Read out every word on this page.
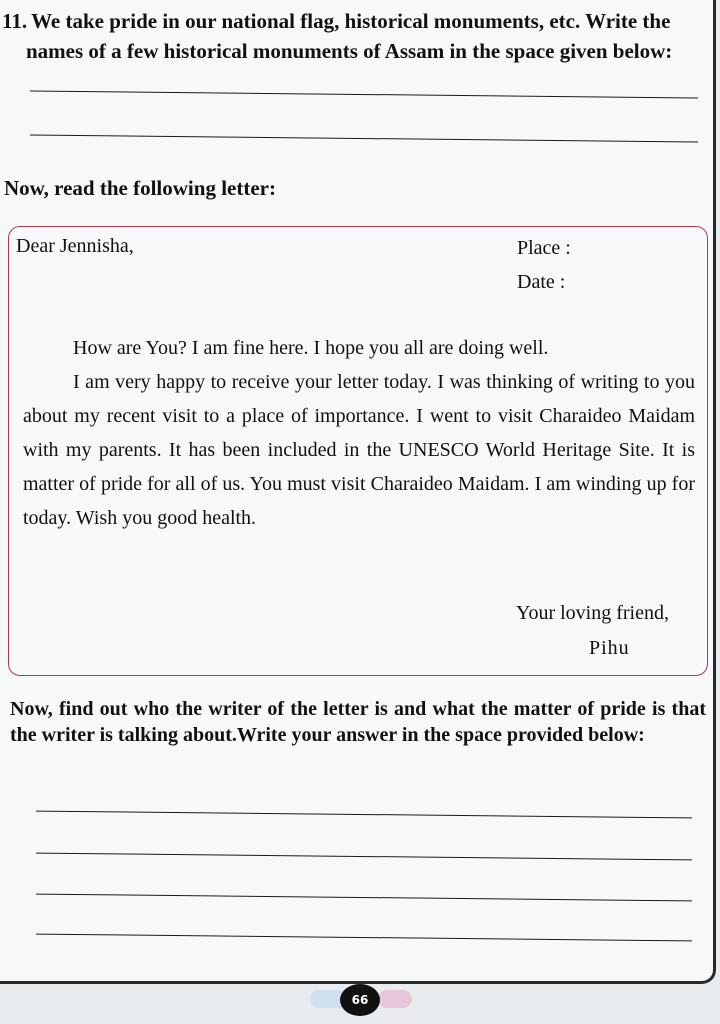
11. We take pride in our national flag, historical monuments, etc. Write the
names of a few historical monuments of Assam in the space given below:
Now, read the following letter:
Dear Jennisha,	Place :
Date :

How are You? I am fine here. I hope you all are doing well.

I am very happy to receive your letter today. I was thinking of writing to you about my recent visit to a place of importance. I went to visit Charaideo Maidam with my parents. It has been included in the UNESCO World Heritage Site. It is matter of pride for all of us. You must visit Charaideo Maidam. I am winding up for today. Wish you good health.

Your loving friend,
Pihu
Now, find out who the writer of the letter is and what the matter of pride is that the writer is talking about.Write your answer in the space provided below:
66
